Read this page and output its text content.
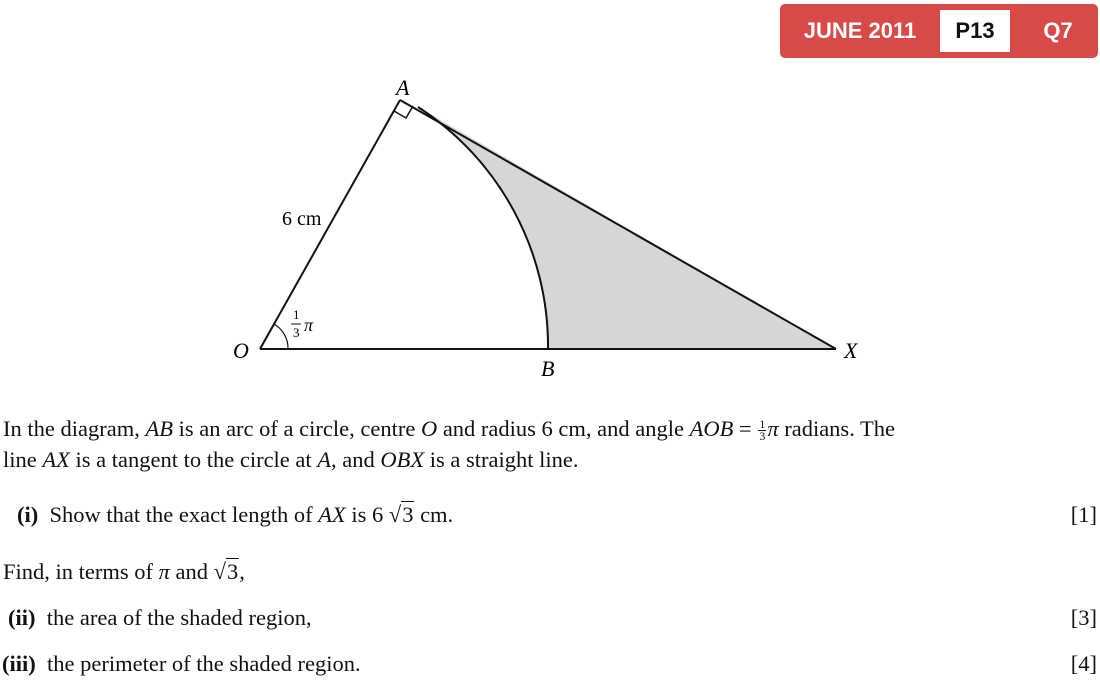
JUNE 2011	P13	Q7
A
O
B
X
6 cm
1
3 π
In the diagram, AB is an arc of a circle, centre O and radius 6 cm, and angle AOB = $\frac{1}{3}$ π radians. The
line AX is a tangent to the circle at A, and OBX is a straight line.
(i) Show that the exact length of AX is 6 √3 cm.	[1]
Find, in terms of π and √3,
(ii) the area of the shaded region,	[3]
(iii) the perimeter of the shaded region.	[4]
